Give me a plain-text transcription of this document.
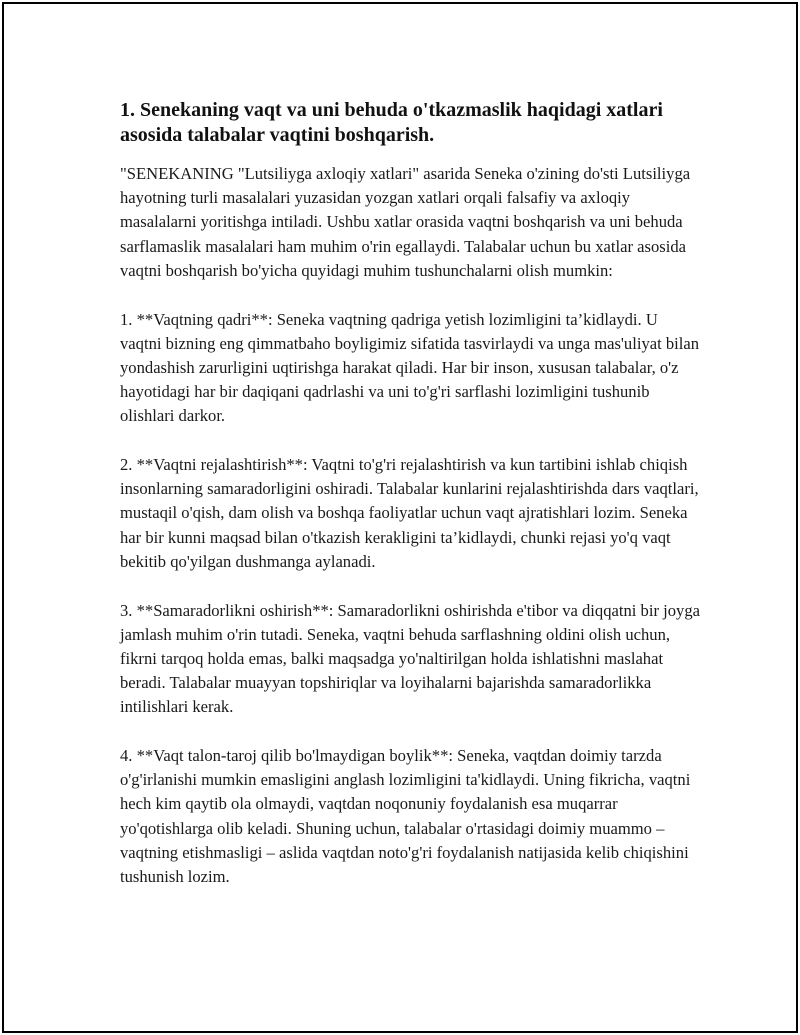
1. Senekaning vaqt va uni behuda o'tkazmaslik haqidagi xatlari asosida talabalar vaqtini boshqarish.

"SENEKANING "Lutsiliyga axloqiy xatlari" asarida Seneka o'zining do'sti Lutsiliyga hayotning turli masalalari yuzasidan yozgan xatlari orqali falsafiy va axloqiy masalalarni yoritishga intiladi. Ushbu xatlar orasida vaqtni boshqarish va uni behuda sarflamaslik masalalari ham muhim o'rin egallaydi. Talabalar uchun bu xatlar asosida vaqtni boshqarish bo'yicha quyidagi muhim tushunchalarni olish mumkin:

1. **Vaqtning qadri**: Seneka vaqtning qadriga yetish lozimligini ta’kidlaydi. U vaqtni bizning eng qimmatbaho boyligimiz sifatida tasvirlaydi va unga mas'uliyat bilan yondashish zarurligini uqtirishga harakat qiladi. Har bir inson, xususan talabalar, o'z hayotidagi har bir daqiqani qadrlashi va uni to'g'ri sarflashi lozimligini tushunib olishlari darkor.

2. **Vaqtni rejalashtirish**: Vaqtni to'g'ri rejalashtirish va kun tartibini ishlab chiqish insonlarning samaradorligini oshiradi. Talabalar kunlarini rejalashtirishda dars vaqtlari, mustaqil o'qish, dam olish va boshqa faoliyatlar uchun vaqt ajratishlari lozim. Seneka har bir kunni maqsad bilan o'tkazish kerakligini ta’kidlaydi, chunki rejasi yo'q vaqt bekitib qo'yilgan dushmanga aylanadi.

3. **Samaradorlikni oshirish**: Samaradorlikni oshirishda e'tibor va diqqatni bir joyga jamlash muhim o'rin tutadi. Seneka, vaqtni behuda sarflashning oldini olish uchun, fikrni tarqoq holda emas, balki maqsadga yo'naltirilgan holda ishlatishni maslahat beradi. Talabalar muayyan topshiriqlar va loyihalarni bajarishda samaradorlikka intilishlari kerak.

4. **Vaqt talon-taroj qilib bo'lmaydigan boylik**: Seneka, vaqtdan doimiy tarzda o'g'irlanishi mumkin emasligini anglash lozimligini ta'kidlaydi. Uning fikricha, vaqtni hech kim qaytib ola olmaydi, vaqtdan noqonuniy foydalanish esa muqarrar yo'qotishlarga olib keladi. Shuning uchun, talabalar o'rtasidagi doimiy muammo – vaqtning etishmasligi – aslida vaqtdan noto'g'ri foydalanish natijasida kelib chiqishini tushunish lozim.
